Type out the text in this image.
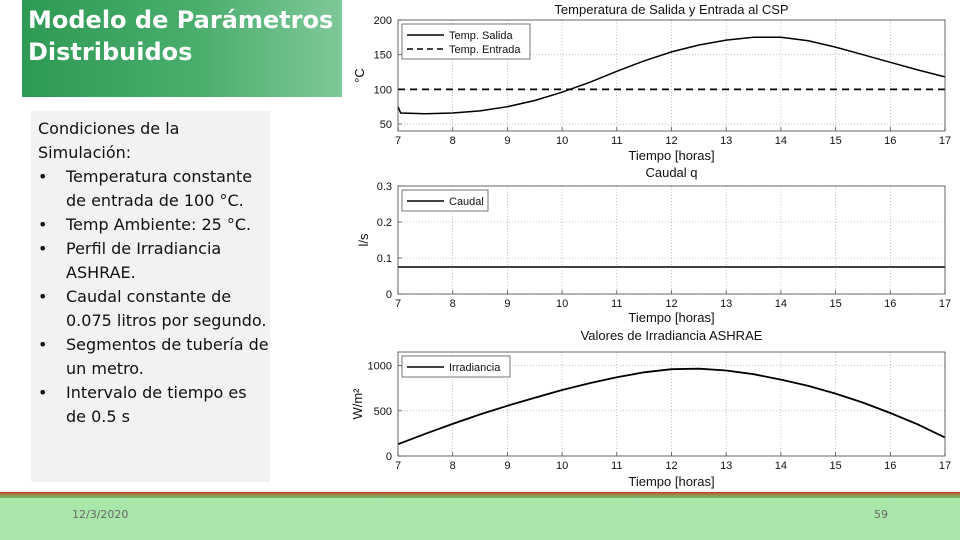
Modelo de Parámetros
Distribuidos

Condiciones de la Simulación:

•	Temperatura constante de entrada de 100 °C.
•	Temp Ambiente: 25 °C.
•	Perfil de Irradiancia ASHRAE.
•	Caudal constante de 0.075 litros por segundo.
•	Segmentos de tubería de un metro.
•	Intervalo de tiempo es de 0.5 s
7	8	9	10	11	12	13	14	15	16	17
50
100
150
200
Temp. Salida
Temp. Entrada
Temperatura de Salida y Entrada al CSP
Tiempo [horas]
°C
7	8	9	10	11	12	13	14	15	16	17
0
0.1
0.2
0.3
Caudal
Caudal q
Tiempo [horas]
l/s
7	8	9	10	11	12	13	14	15	16	17
0
500
1000	Irradiancia
Valores de Irradiancia ASHRAE
Tiempo [horas]
W/m²
12/3/2020	59
